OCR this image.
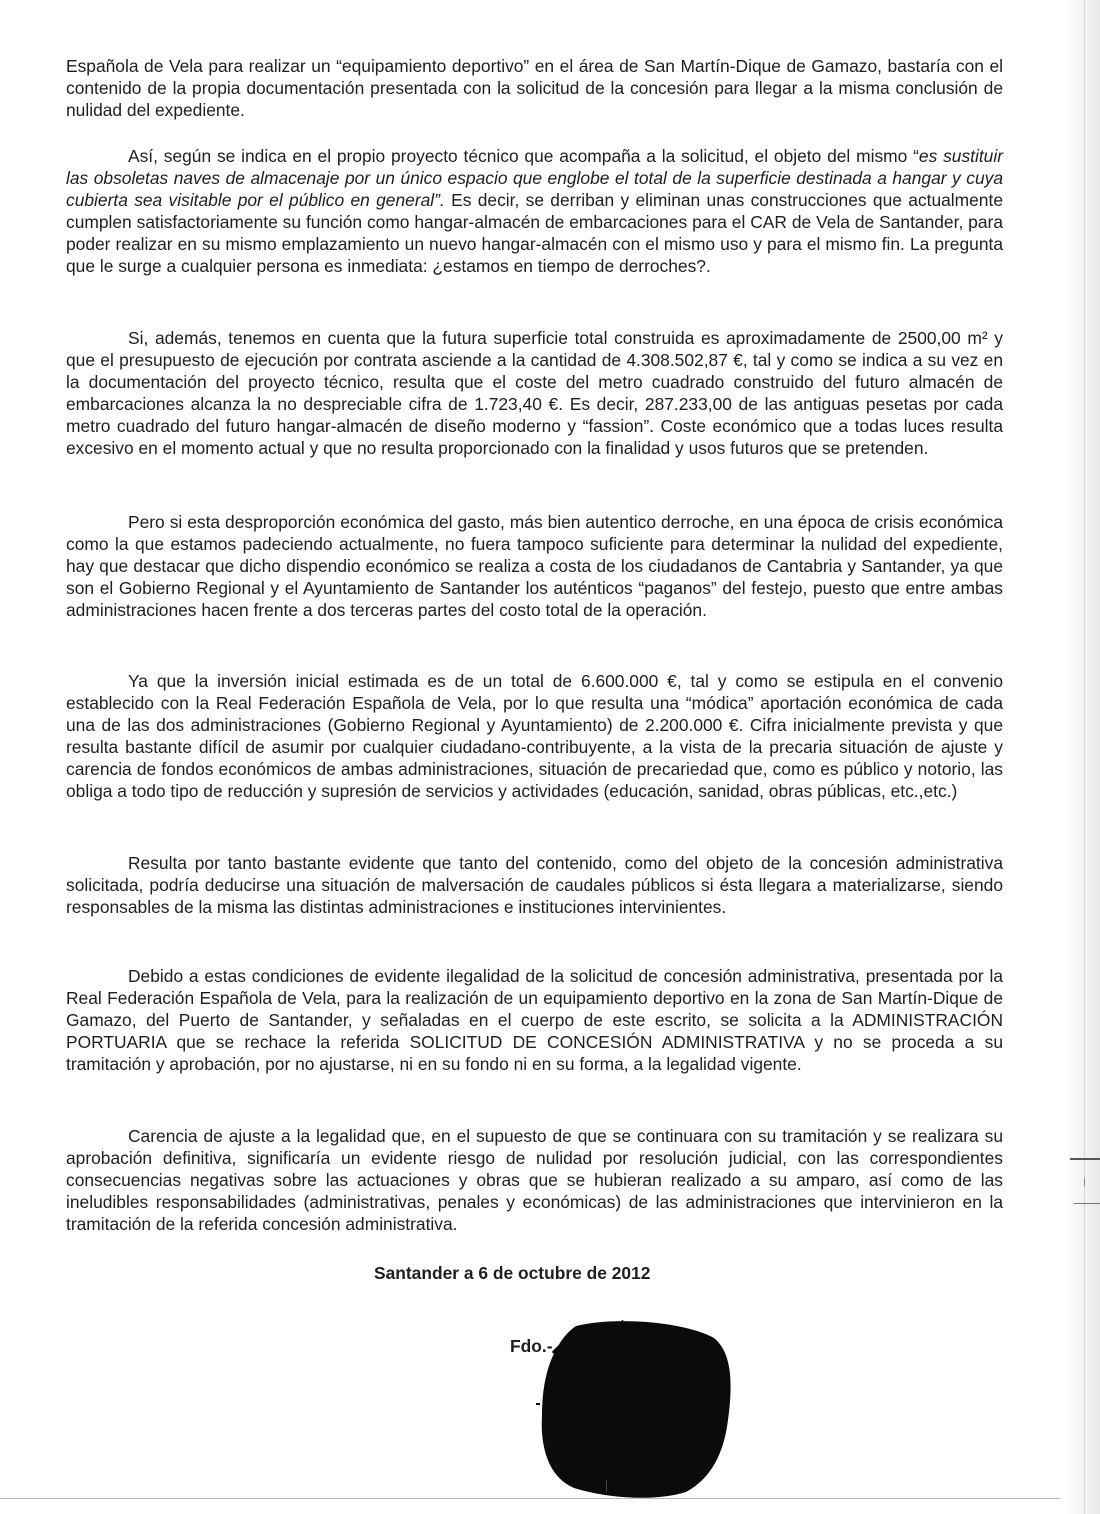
Española de Vela para realizar un “equipamiento deportivo” en el área de San Martín-Dique de Gamazo, bastaría con el contenido de la propia documentación presentada con la solicitud de la concesión para llegar a la misma conclusión de nulidad del expediente.

Así, según se indica en el propio proyecto técnico que acompaña a la solicitud, el objeto del mismo “es sustituir las obsoletas naves de almacenaje por un único espacio que englobe el total de la superficie destinada a hangar y cuya cubierta sea visitable por el público en general”. Es decir, se derriban y eliminan unas construcciones que actualmente cumplen satisfactoriamente su función como hangar-almacén de embarcaciones para el CAR de Vela de Santander, para poder realizar en su mismo emplazamiento un nuevo hangar-almacén con el mismo uso y para el mismo fin. La pregunta que le surge a cualquier persona es inmediata: ¿estamos en tiempo de derroches?.

Si, además, tenemos en cuenta que la futura superficie total construida es aproximadamente de 2500,00 m² y que el presupuesto de ejecución por contrata asciende a la cantidad de 4.308.502,87 €, tal y como se indica a su vez en la documentación del proyecto técnico, resulta que el coste del metro cuadrado construido del futuro almacén de embarcaciones alcanza la no despreciable cifra de 1.723,40 €. Es decir, 287.233,00 de las antiguas pesetas por cada metro cuadrado del futuro hangar-almacén de diseño moderno y “fassion”. Coste económico que a todas luces resulta excesivo en el momento actual y que no resulta proporcionado con la finalidad y usos futuros que se pretenden.

Pero si esta desproporción económica del gasto, más bien autentico derroche, en una época de crisis económica como la que estamos padeciendo actualmente, no fuera tampoco suficiente para determinar la nulidad del expediente, hay que destacar que dicho dispendio económico se realiza a costa de los ciudadanos de Cantabria y Santander, ya que son el Gobierno Regional y el Ayuntamiento de Santander los auténticos “paganos” del festejo, puesto que entre ambas administraciones hacen frente a dos terceras partes del costo total de la operación.

Ya que la inversión inicial estimada es de un total de 6.600.000 €, tal y como se estipula en el convenio establecido con la Real Federación Española de Vela, por lo que resulta una “módica” aportación económica de cada una de las dos administraciones (Gobierno Regional y Ayuntamiento) de 2.200.000 €. Cifra inicialmente prevista y que resulta bastante difícil de asumir por cualquier ciudadano-contribuyente, a la vista de la precaria situación de ajuste y carencia de fondos económicos de ambas administraciones, situación de precariedad que, como es público y notorio, las obliga a todo tipo de reducción y supresión de servicios y actividades (educación, sanidad, obras públicas, etc.,etc.)

Resulta por tanto bastante evidente que tanto del contenido, como del objeto de la concesión administrativa solicitada, podría deducirse una situación de malversación de caudales públicos si ésta llegara a materializarse, siendo responsables de la misma las distintas administraciones e instituciones intervinientes.

Debido a estas condiciones de evidente ilegalidad de la solicitud de concesión administrativa, presentada por la Real Federación Española de Vela, para la realización de un equipamiento deportivo en la zona de San Martín-Dique de Gamazo, del Puerto de Santander, y señaladas en el cuerpo de este escrito, se solicita a la ADMINISTRACIÓN PORTUARIA que se rechace la referida SOLICITUD DE CONCESIÓN ADMINISTRATIVA y no se proceda a su tramitación y aprobación, por no ajustarse, ni en su fondo ni en su forma, a la legalidad vigente.

Carencia de ajuste a la legalidad que, en el supuesto de que se continuara con su tramitación y se realizara su aprobación definitiva, significaría un evidente riesgo de nulidad por resolución judicial, con las correspondientes consecuencias negativas sobre las actuaciones y obras que se hubieran realizado a su amparo, así como de las ineludibles responsabilidades (administrativas, penales y económicas) de las administraciones que intervinieron en la tramitación de la referida concesión administrativa.

Santander a 6 de octubre de 2012
Fdo.-
